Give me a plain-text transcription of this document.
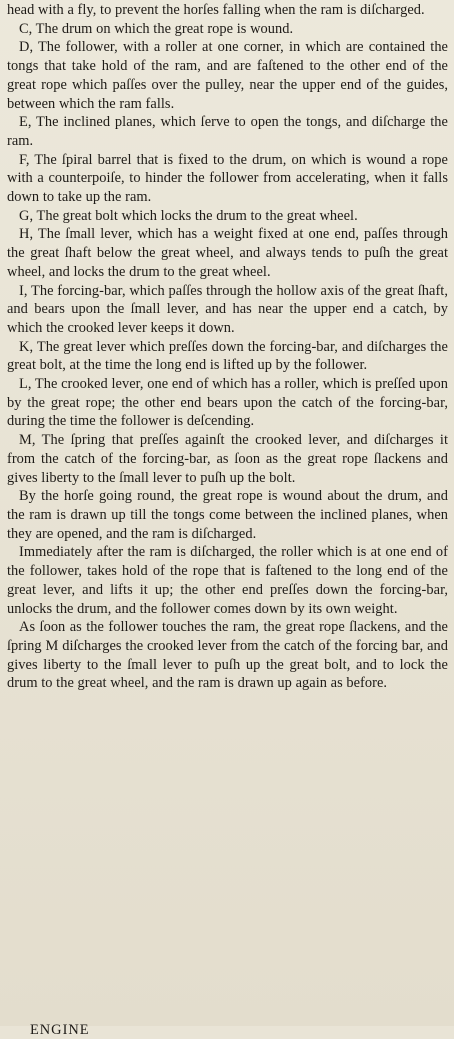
head with a fly, to prevent the horſes falling when the ram is diſcharged.

C, The drum on which the great rope is wound.

D, The follower, with a roller at one corner, in which are contained the tongs that take hold of the ram, and are faſtened to the other end of the great rope which paſſes over the pulley, near the upper end of the guides, between which the ram falls.

E, The inclined planes, which ſerve to open the tongs, and diſcharge the ram.

F, The ſpiral barrel that is fixed to the drum, on which is wound a rope with a counterpoiſe, to hinder the follower from accelerating, when it falls down to take up the ram.

G, The great bolt which locks the drum to the great wheel.

H, The ſmall lever, which has a weight fixed at one end, paſſes through the great ſhaft below the great wheel, and always tends to puſh the great wheel, and locks the drum to the great wheel.

I, The forcing-bar, which paſſes through the hollow axis of the great ſhaft, and bears upon the ſmall lever, and has near the upper end a catch, by which the crooked lever keeps it down.

K, The great lever which preſſes down the forcing-bar, and diſcharges the great bolt, at the time the long end is lifted up by the follower.

L, The crooked lever, one end of which has a roller, which is preſſed upon by the great rope; the other end bears upon the catch of the forcing-bar, during the time the follower is deſcending.

M, The ſpring that preſſes againſt the crooked lever, and diſcharges it from the catch of the forcing-bar, as ſoon as the great rope ſlackens and gives liberty to the ſmall lever to puſh up the bolt.

By the horſe going round, the great rope is wound about the drum, and the ram is drawn up till the tongs come between the inclined planes, when they are opened, and the ram is diſcharged.

Immediately after the ram is diſcharged, the roller which is at one end of the follower, takes hold of the rope that is faſtened to the long end of the great lever, and lifts it up; the other end preſſes down the forcing-bar, unlocks the drum, and the follower comes down by its own weight.

As ſoon as the follower touches the ram, the great rope ſlackens, and the ſpring M diſcharges the crooked lever from the catch of the forcing bar, and gives liberty to the ſmall lever to puſh up the great bolt, and to lock the drum to the great wheel, and the ram is drawn up again as before.

ENGINE
